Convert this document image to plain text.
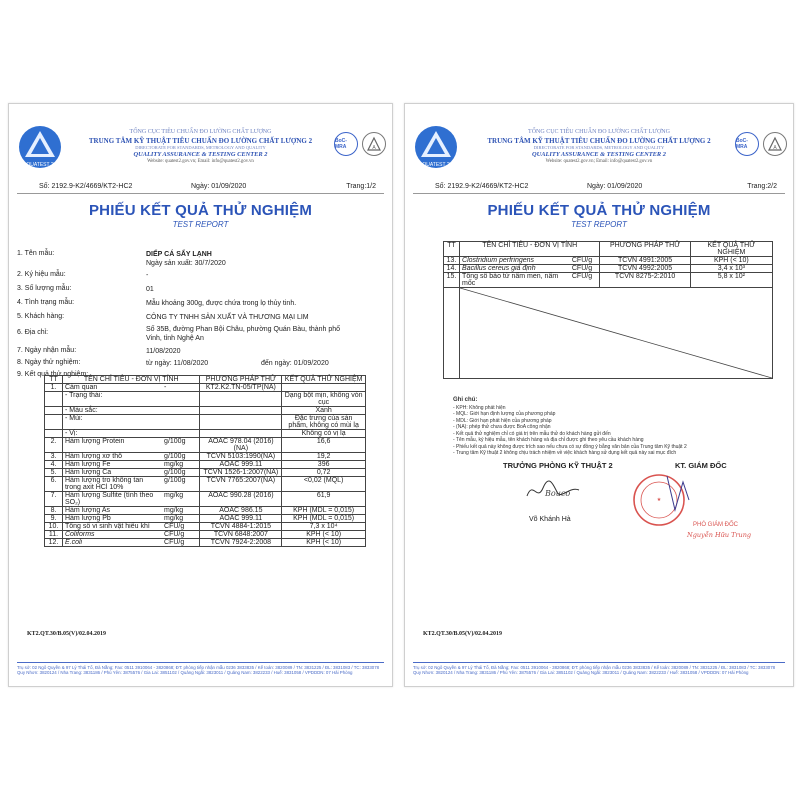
QUATEST 2
TỔNG CỤC TIÊU CHUẨN ĐO LƯỜNG CHẤT LƯỢNG
TRUNG TÂM KỸ THUẬT TIÊU CHUẨN ĐO LƯỜNG CHẤT LƯỢNG 2
DIRECTORATE FOR STANDARDS, METROLOGY AND QUALITY
QUALITY ASSURANCE & TESTING CENTER 2
Website: quatest2.gov.vn; Email: info@quatest2.gov.vn
BoC-MRA	A
Số: 2192.9-K2/4669/KT2-HC2	Ngày: 01/09/2020	Trang:1/2
PHIẾU KẾT QUẢ THỬ NGHIỆM
TEST REPORT
1. Tên mẫu:	DIẾP CÁ SẤY LẠNH
Ngày sản xuất: 30/7/2020
2. Ký hiệu mẫu:	-
3. Số lượng mẫu:	01
4. Tình trạng mẫu:	Mẫu khoảng 300g, được chứa trong lọ thủy tinh.
5. Khách hàng:	CÔNG TY TNHH SẢN XUẤT VÀ THƯƠNG MẠI LIM
6. Địa chỉ:	Số 35B, đường Phan Bội Châu, phường Quán Bàu, thành phố
Vinh, tỉnh Nghệ An
7. Ngày nhận mẫu:	11/08/2020
8. Ngày thử nghiệm:	từ ngày: 11/08/2020	đến ngày: 01/09/2020
9. Kết quả thử nghiệm:
TT	TÊN CHỈ TIÊU - ĐƠN VỊ TÍNH		PHƯƠNG PHÁP THỬ	KẾT QUẢ THỬ NGHIỆM
1.	Cảm quan	-	KT2.K2.TN-05/TP(NA)	
	- Trạng thái:			Dạng bột mịn, không vón cục
	- Màu sắc:			Xanh
	- Mùi:			Đặc trưng của sản phẩm, không có mùi lạ
	- Vị:			Không có vị lạ
2.	Hàm lượng Protein	g/100g	AOAC 978.04 (2016)(NA)	16,6
3.	Hàm lượng xơ thô	g/100g	TCVN 5103:1990(NA)	19,2
4.	Hàm lượng Fe	mg/kg	AOAC 999.11	396
5.	Hàm lượng Ca	g/100g	TCVN 1526-1:2007(NA)	0,72
6.	Hàm lượng tro không tan trong axit HCl 10%	g/100g	TCVN 7765:2007(NA)	<0,02 (MQL)
7.	Hàm lượng Sulfite (tính theo SO₂)	mg/kg	AOAC 990.28 (2016)	61,9
8.	Hàm lượng As	mg/kg	AOAC 986.15	KPH (MDL = 0,015)
9.	Hàm lượng Pb	mg/kg	AOAC 999.11	KPH (MDL = 0,015)
10.	Tổng số vi sinh vật hiếu khí	CFU/g	TCVN 4884-1:2015	7,3 x 10⁴
11.	Coliforms	CFU/g	TCVN 6848:2007	KPH (< 10)
12.	E.coli	CFU/g	TCVN 7924-2:2008	KPH (< 10)
KT2.QT.30/B.05(V)/02.04.2019
Trụ sở: 02 Ngô Quyền & 97 Lý Thái Tổ, Đà Nẵng; Fax: 0511 3910064 - 3820868; ĐT: phòng tiếp nhận mẫu 0236 3833835 / Kế toán: 3820089 / TN: 3831225 / ĐL: 3831083 / TC: 3833078
Quy Nhơn: 3820124 / Nha Trang: 3831186 / Phú Yên: 3875576 / Gia Lai: 3851102 / Quảng Ngãi: 3823011 / Quảng Nam: 3822233 / Huế: 3831058 / VPDDDN: 07 Hải Phòng
QUATEST 2
TỔNG CỤC TIÊU CHUẨN ĐO LƯỜNG CHẤT LƯỢNG
TRUNG TÂM KỸ THUẬT TIÊU CHUẨN ĐO LƯỜNG CHẤT LƯỢNG 2
DIRECTORATE FOR STANDARDS, METROLOGY AND QUALITY
QUALITY ASSURANCE & TESTING CENTER 2
Website: quatest2.gov.vn; Email: info@quatest2.gov.vn
BoC-MRA	A
Số: 2192.9-K2/4669/KT2-HC2	Ngày: 01/09/2020	Trang:2/2
PHIẾU KẾT QUẢ THỬ NGHIỆM
TEST REPORT
TT	TÊN CHỈ TIÊU - ĐƠN VỊ TÍNH		PHƯƠNG PHÁP THỬ	KẾT QUẢ THỬ NGHIỆM
13.	Clostridium perfringens	CFU/g	TCVN 4991:2005	KPH (< 10)
14.	Bacillus cereus giả định	CFU/g	TCVN 4992:2005	3,4 x 10³
15.	Tổng số bào tử nấm men, nấm mốc	CFU/g	TCVN 8275-2:2010	5,8 x 10²

Ghi chú:
- KPH: Không phát hiện
- MQL: Giới hạn định lượng của phương pháp
- MDL: Giới hạn phát hiện của phương pháp
- (NA): phép thử chưa được BoA công nhận
- Kết quả thử nghiệm chỉ có giá trị trên mẫu thử do khách hàng gửi đến
- Tên mẫu, ký hiệu mẫu, tên khách hàng và địa chỉ được ghi theo yêu cầu khách hàng
- Phiếu kết quả này không được trích sao nếu chưa có sự đồng ý bằng văn bản của Trung tâm Kỹ thuật 2
- Trung tâm Kỹ thuật 2 không chịu trách nhiệm về việc khách hàng sử dụng kết quả này sai mục đích
TRƯỞNG PHÒNG KỸ THUẬT 2	KT. GIÁM ĐỐC
Bouco
Võ Khánh Hà
★
PHÓ GIÁM ĐỐC
Nguyễn Hữu Trung
KT2.QT.30/B.05(V)/02.04.2019
Trụ sở: 02 Ngô Quyền & 97 Lý Thái Tổ, Đà Nẵng; Fax: 0511 3910064 - 3820868; ĐT: phòng tiếp nhận mẫu 0236 3833835 / Kế toán: 3820089 / TN: 3831225 / ĐL: 3831083 / TC: 3833078
Quy Nhơn: 3820124 / Nha Trang: 3831186 / Phú Yên: 3875576 / Gia Lai: 3851102 / Quảng Ngãi: 3823011 / Quảng Nam: 3822233 / Huế: 3831058 / VPDDDN: 07 Hải Phòng
